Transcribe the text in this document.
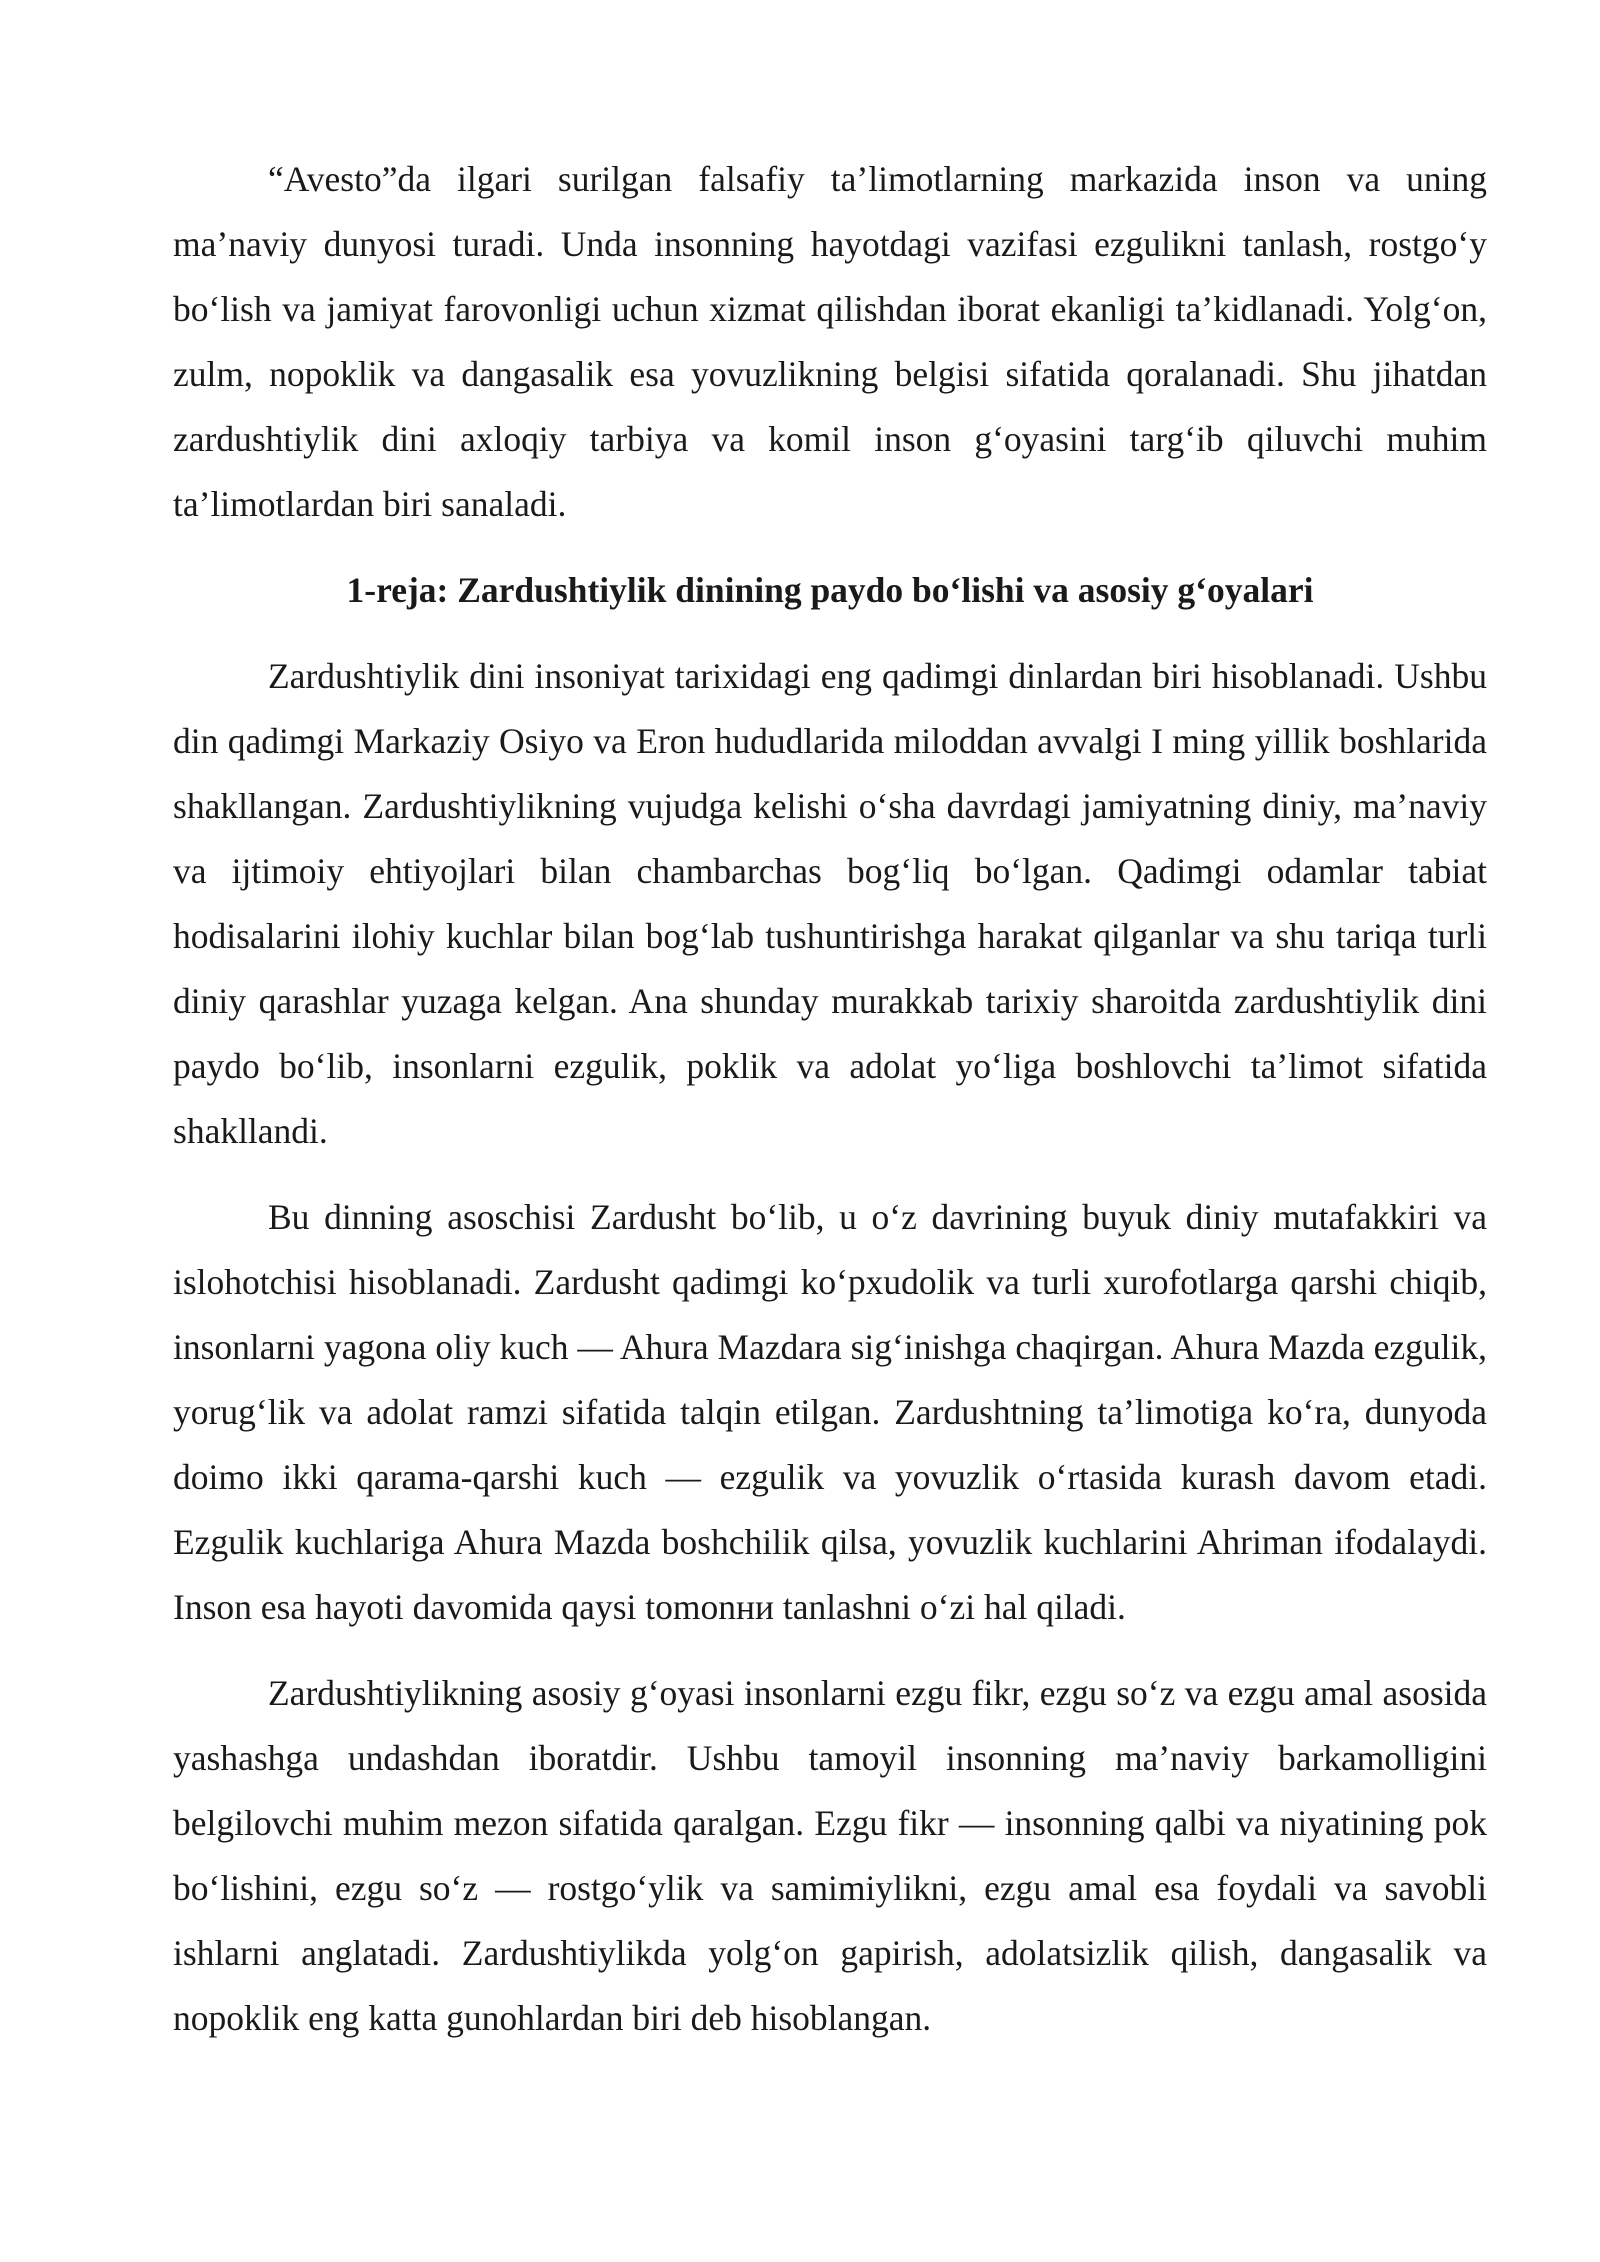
“Avesto”da ilgari surilgan falsafiy ta’limotlarning markazida inson va uning ma’naviy dunyosi turadi. Unda insonning hayotdagi vazifasi ezgulikni tanlash, rostgo‘y bo‘lish va jamiyat farovonligi uchun xizmat qilishdan iborat ekanligi ta’kidlanadi. Yolg‘on, zulm, nopoklik va dangasalik esa yovuzlikning belgisi sifatida qoralanadi. Shu jihatdan zardushtiylik dini axloqiy tarbiya va komil inson g‘oyasini targ‘ib qiluvchi muhim ta’limotlardan biri sanaladi.

1-reja: Zardushtiylik dinining paydo bo‘lishi va asosiy g‘oyalari

Zardushtiylik dini insoniyat tarixidagi eng qadimgi dinlardan biri hisoblanadi. Ushbu din qadimgi Markaziy Osiyo va Eron hududlarida miloddan avvalgi I ming yillik boshlarida shakllangan. Zardushtiylikning vujudga kelishi o‘sha davrdagi jamiyatning diniy, ma’naviy va ijtimoiy ehtiyojlari bilan chambarchas bog‘liq bo‘lgan. Qadimgi odamlar tabiat hodisalarini ilohiy kuchlar bilan bog‘lab tushuntirishga harakat qilganlar va shu tariqa turli diniy qarashlar yuzaga kelgan. Ana shunday murakkab tarixiy sharoitda zardushtiylik dini paydo bo‘lib, insonlarni ezgulik, poklik va adolat yo‘liga boshlovchi ta’limot sifatida shakllandi.

Bu dinning asoschisi Zardusht bo‘lib, u o‘z davrining buyuk diniy mutafakkiri va islohotchisi hisoblanadi. Zardusht qadimgi ko‘pxudolik va turli xurofotlarga qarshi chiqib, insonlarni yagona oliy kuch — Ahura Mazdara sig‘inishga chaqirgan. Ahura Mazda ezgulik, yorug‘lik va adolat ramzi sifatida talqin etilgan. Zardushtning ta’limotiga ko‘ra, dunyoda doimo ikki qarama-qarshi kuch — ezgulik va yovuzlik o‘rtasida kurash davom etadi. Ezgulik kuchlariga Ahura Mazda boshchilik qilsa, yovuzlik kuchlarini Ahriman ifodalaydi. Inson esa hayoti davomida qaysi tomonни tanlashni o‘zi hal qiladi.

Zardushtiylikning asosiy g‘oyasi insonlarni ezgu fikr, ezgu so‘z va ezgu amal asosida yashashga undashdan iboratdir. Ushbu tamoyil insonning ma’naviy barkamolligini belgilovchi muhim mezon sifatida qaralgan. Ezgu fikr — insonning qalbi va niyatining pok bo‘lishini, ezgu so‘z — rostgo‘ylik va samimiylikni, ezgu amal esa foydali va savobli ishlarni anglatadi. Zardushtiylikda yolg‘on gapirish, adolatsizlik qilish, dangasalik va nopoklik eng katta gunohlardan biri deb hisoblangan.
